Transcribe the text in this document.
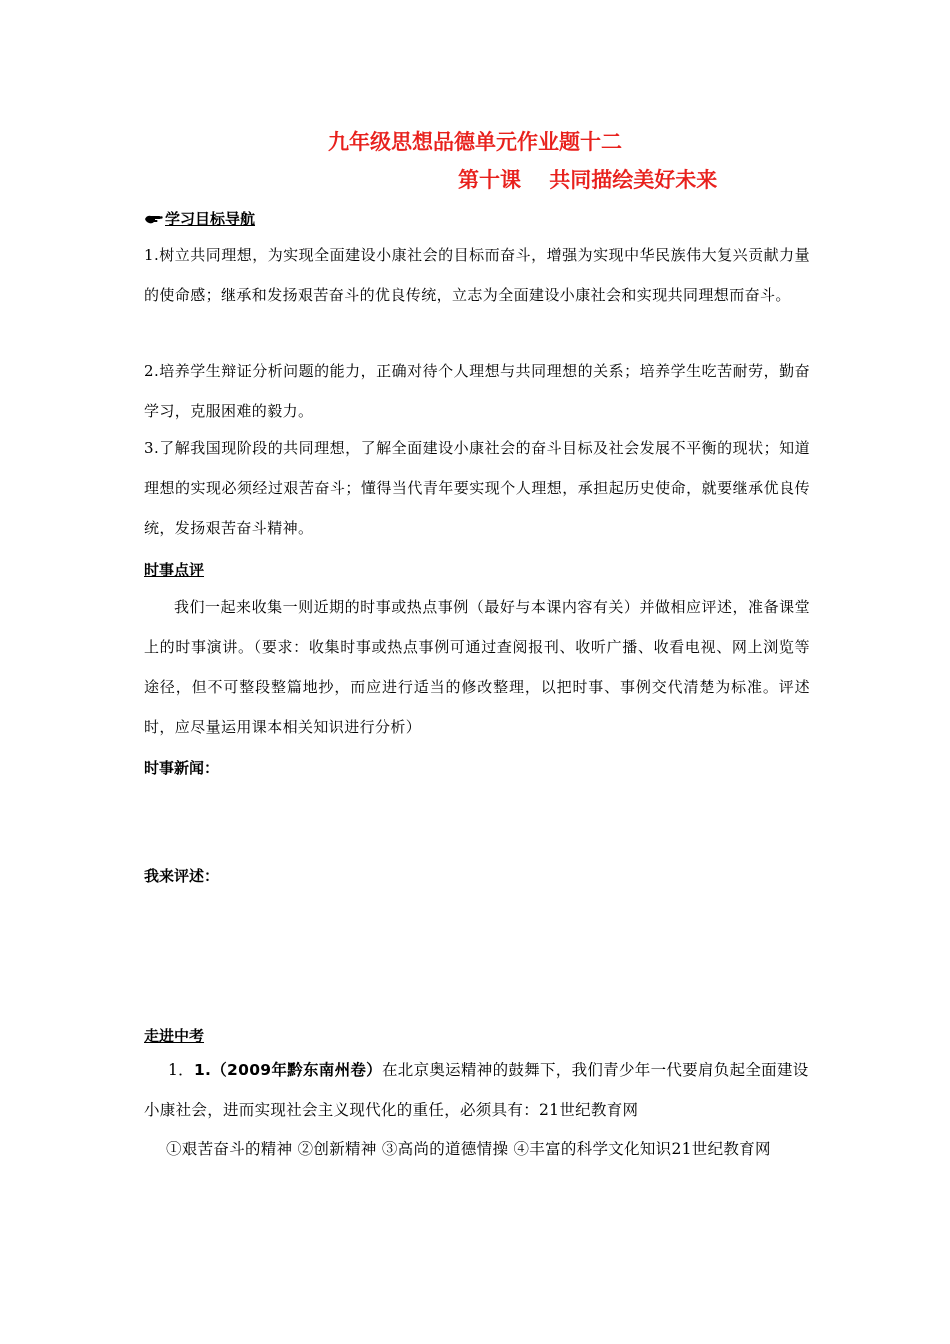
九年级思想品德单元作业题十二
第十课　 共同描绘美好未来
学习目标导航
1.树立共同理想，为实现全面建设小康社会的目标而奋斗，增强为实现中华民族伟大复兴贡献力量的使命感；继承和发扬艰苦奋斗的优良传统，立志为全面建设小康社会和实现共同理想而奋斗。
2.培养学生辩证分析问题的能力，正确对待个人理想与共同理想的关系；培养学生吃苦耐劳，勤奋学习，克服困难的毅力。
3.了解我国现阶段的共同理想，了解全面建设小康社会的奋斗目标及社会发展不平衡的现状；知道理想的实现必须经过艰苦奋斗；懂得当代青年要实现个人理想，承担起历史使命，就要继承优良传统，发扬艰苦奋斗精神。
时事点评
我们一起来收集一则近期的时事或热点事例（最好与本课内容有关）并做相应评述，准备课堂上的时事演讲。（要求：收集时事或热点事例可通过查阅报刊、收听广播、收看电视、网上浏览等途径，但不可整段整篇地抄，而应进行适当的修改整理，以把时事、事例交代清楚为标准。评述时，应尽量运用课本相关知识进行分析）
时事新闻：
我来评述：
走进中考
1．1.（2009年黔东南州卷）在北京奥运精神的鼓舞下，我们青少年一代要肩负起全面建设小康社会，进而实现社会主义现代化的重任，必须具有：21世纪教育网
①艰苦奋斗的精神 ②创新精神 ③高尚的道德情操 ④丰富的科学文化知识21世纪教育网
